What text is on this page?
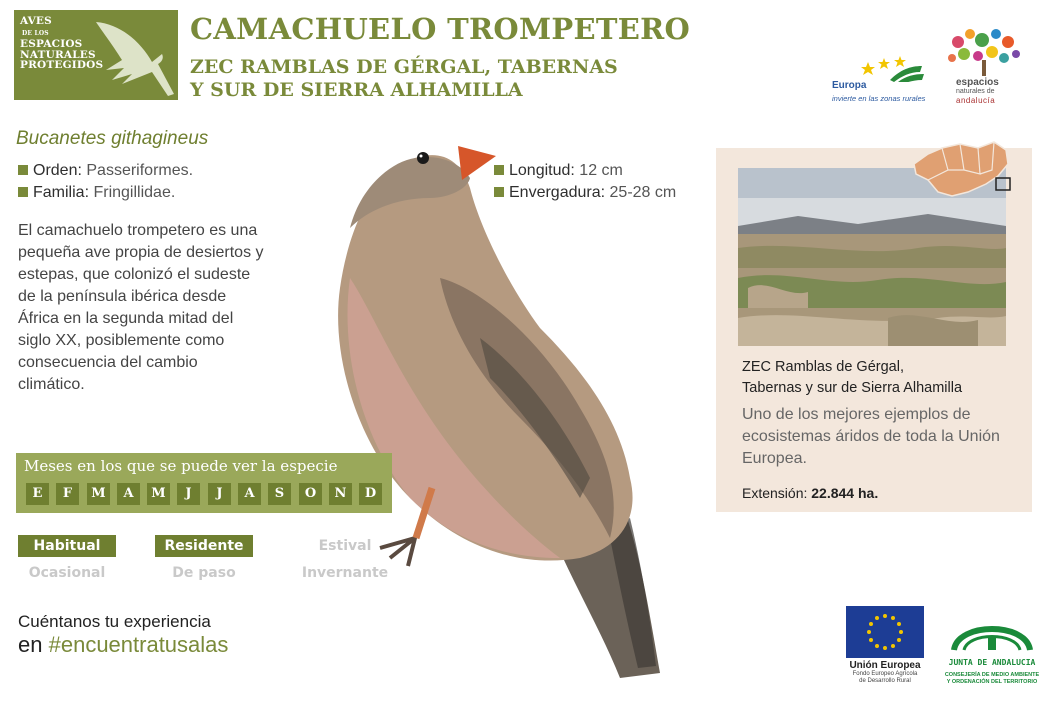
AVES
DE LOS
ESPACIOS
NATURALES
PROTEGIDOS
CAMACHUELO TROMPETERO
ZEC RAMBLAS DE GÉRGAL, TABERNAS
Y SUR DE SIERRA ALHAMILLA	Europa
invierte en las zonas rurales
espacios
naturales de
andalucía
Bucanetes githagineus
Orden: Passeriformes.
Familia: Fringillidae.
Longitud: 12 cm
Envergadura: 25-28 cm
El camachuelo trompetero es una pequeña ave propia de desiertos y estepas, que colonizó el sudeste de la península ibérica desde África en la segunda mitad del siglo XX, posiblemente como consecuencia del cambio climático.
Meses en los que se puede ver la especie
E	F	M	A	M	J	J	A	S	O	N	D
Habitual	Residente	Estival
Ocasional	De paso	Invernante
Cuéntanos tu experiencia
en #encuentratusalas
ZEC Ramblas de Gérgal,
Tabernas y sur de Sierra Alhamilla
Uno de los mejores ejemplos de ecosistemas áridos de toda la Unión Europea.
Extensión: 22.844 ha.
Unión Europea
Fondo Europeo Agrícola
de Desarrollo Rural
JUNTA DE ANDALUCIA
CONSEJERÍA DE MEDIO AMBIENTE
Y ORDENACIÓN DEL TERRITORIO
